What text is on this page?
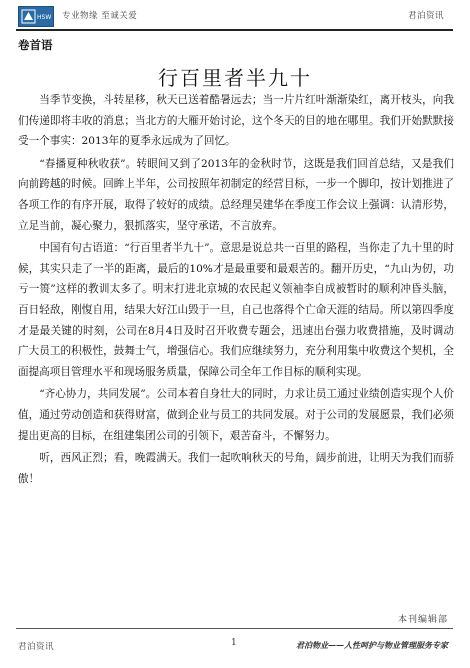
HSW 专业物缘 至诚关爱	君泊资讯
卷首语
行百里者半九十

当季节变换，斗转星移，秋天已送着酷暑远去；当一片片红叶渐渐染红，离开枝头，向我们传递即将丰收的消息；当北方的大雁开始讨论，这个冬天的目的地在哪里。我们开始默默接受一个事实：2013年的夏季永远成为了回忆。

“春播夏种秋收获”。转眼间又到了2013年的金秋时节，这既是我们回首总结，又是我们向前跨越的时候。回眸上半年，公司按照年初制定的经营目标，一步一个脚印，按计划推进了各项工作的有序开展，取得了较好的成绩。总经理吴建华在季度工作会议上强调：认清形势，立足当前，凝心聚力，狠抓落实，坚守承诺，不言放弃。

中国有句古语道：“行百里者半九十”。意思是说总共一百里的路程，当你走了九十里的时候，其实只走了一半的距离，最后的10%才是最重要和最艰苦的。翻开历史，“九山为仞，功亏一篑”这样的教训太多了。明末打进北京城的农民起义领袖李自成被暂时的顺利冲昏头脑，百日轻敌，刚愎自用，结果大好江山毁于一旦，自己也落得个亡命天涯的结局。所以第四季度才是最关键的时刻，公司在8月4日及时召开收费专题会，迅速出台强力收费措施，及时调动广大员工的积极性，鼓舞士气，增强信心。我们应继续努力，充分利用集中收费这个契机，全面提高项目管理水平和现场服务质量，保障公司全年工作目标的顺利实现。

“齐心协力，共同发展”。公司本着自身壮大的同时，力求让员工通过业绩创造实现个人价值，通过劳动创造和获得财富，做到企业与员工的共同发展。对于公司的发展愿景，我们必须提出更高的目标，在组建集团公司的引领下，艰苦奋斗，不懈努力。

听，西风正烈；看，晚霞满天。我们一起吹响秋天的号角，阔步前进，让明天为我们而骄傲！

本刊编辑部
君泊资讯	1	君泊物业——人性呵护与物业管理服务专家
